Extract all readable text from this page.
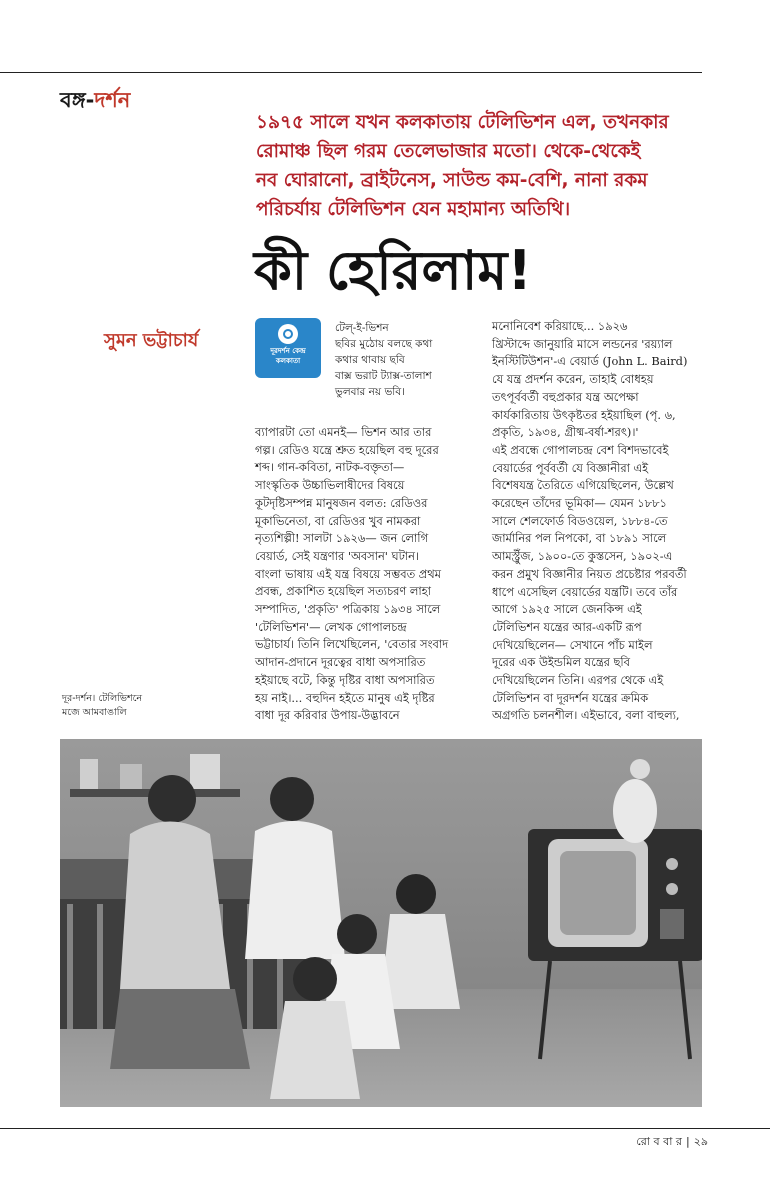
বঙ্গ-দর্শন
১৯৭৫ সালে যখন কলকাতায় টেলিভিশন এল, তখনকার
রোমাঞ্চ ছিল গরম তেলেভাজার মতো। থেকে-থেকেই
নব ঘোরানো, ব্রাইটনেস, সাউন্ড কম-বেশি, নানা রকম
পরিচর্যায় টেলিভিশন যেন মহামান্য অতিথি।
কী হেরিলাম!
সুমন ভট্টাচার্য	দূরদর্শন কেন্দ্র
কলকাতা
টেল্-ই-ভিশন
ছবির মুঠোয় বলছে কথা
কথার থাবায় ছবি
বাক্স ভরাট ট্যাক্স-তালাশ
ভুলবার নয় ভবি।
ব্যাপারটা তো এমনই— ভিশন আর তার
গল্প। রেডিও যন্ত্রে শ্রুত হয়েছিল বহু দূরের
শব্দ। গান-কবিতা, নাটক-বক্তৃতা—
সাংস্কৃতিক উচ্চাভিলাষীদের বিষয়ে
কূটদৃষ্টিসম্পন্ন মানুষজন বলত: রেডিওর
মূকাভিনেতা, বা রেডিওর খুব নামকরা
নৃত্যশিল্পী! সালটা ১৯২৬— জন লোগি
বেয়ার্ড, সেই যন্ত্রণার 'অবসান' ঘটান।
বাংলা ভাষায় এই যন্ত্র বিষয়ে সম্ভবত প্রথম
প্রবন্ধ, প্রকাশিত হয়েছিল সত্যচরণ লাহা
সম্পাদিত, 'প্রকৃতি' পত্রিকায় ১৯৩৪ সালে
'টেলিভিশন'— লেখক গোপালচন্দ্র
ভট্টাচার্য। তিনি লিখেছিলেন, 'বেতার সংবাদ
আদান-প্রদানে দূরত্বের বাধা অপসারিত
হইয়াছে বটে, কিন্তু দৃষ্টির বাধা অপসারিত
হয় নাই।... বহুদিন হইতে মানুষ এই দৃষ্টির
বাধা দূর করিবার উপায়-উদ্ভাবনে
মনোনিবেশ করিয়াছে... ১৯২৬
খ্রিস্টাব্দে জানুয়ারি মাসে লন্ডনের 'রয়্যাল
ইনস্টিটিউশন'-এ বেয়ার্ড (John L. Baird)
যে যন্ত্র প্রদর্শন করেন, তাহাই বোধহয়
তৎপূর্ববর্তী বহুপ্রকার যন্ত্র অপেক্ষা
কার্যকারিতায় উৎকৃষ্টতর হইয়াছিল (পৃ. ৬,
প্রকৃতি, ১৯৩৪, গ্রীষ্ম-বর্ষা-শরৎ)।'
এই প্রবন্ধে গোপালচন্দ্র বেশ বিশদভাবেই
বেয়ার্ডের পূর্ববর্তী যে বিজ্ঞানীরা এই
বিশেষযন্ত্র তৈরিতে এগিয়েছিলেন, উল্লেখ
করেছেন তাঁদের ভূমিকা— যেমন ১৮৮১
সালে শেলফোর্ড বিডওয়েল, ১৮৮৪-তে
জার্মানির পল নিপকো, বা ১৮৯১ সালে
আমস্ট্রুঁজ, ১৯০০-তে কুস্তসেন, ১৯০২-এ
করন প্রমুখ বিজ্ঞানীর নিয়ত প্রচেষ্টার পরবর্তী
ধাপে এসেছিল বেয়ার্ডের যন্ত্রটি। তবে তাঁর
আগে ১৯২৫ সালে জেনকিন্স এই
টেলিভিশন যন্ত্রের আর-একটি রূপ
দেখিয়েছিলেন— সেখানে পাঁচ মাইল
দূরের এক উইন্ডমিল যন্ত্রের ছবি
দেখিয়েছিলেন তিনি। এরপর থেকে এই
টেলিভিশন বা দূরদর্শন যন্ত্রের ক্রমিক
অগ্রগতি চলনশীল। এইভাবে, বলা বাহুল্য,
দূর-দর্শন। টেলিভিশনে
মজে আমবাঙালি
রো ব বা র | ২৯
